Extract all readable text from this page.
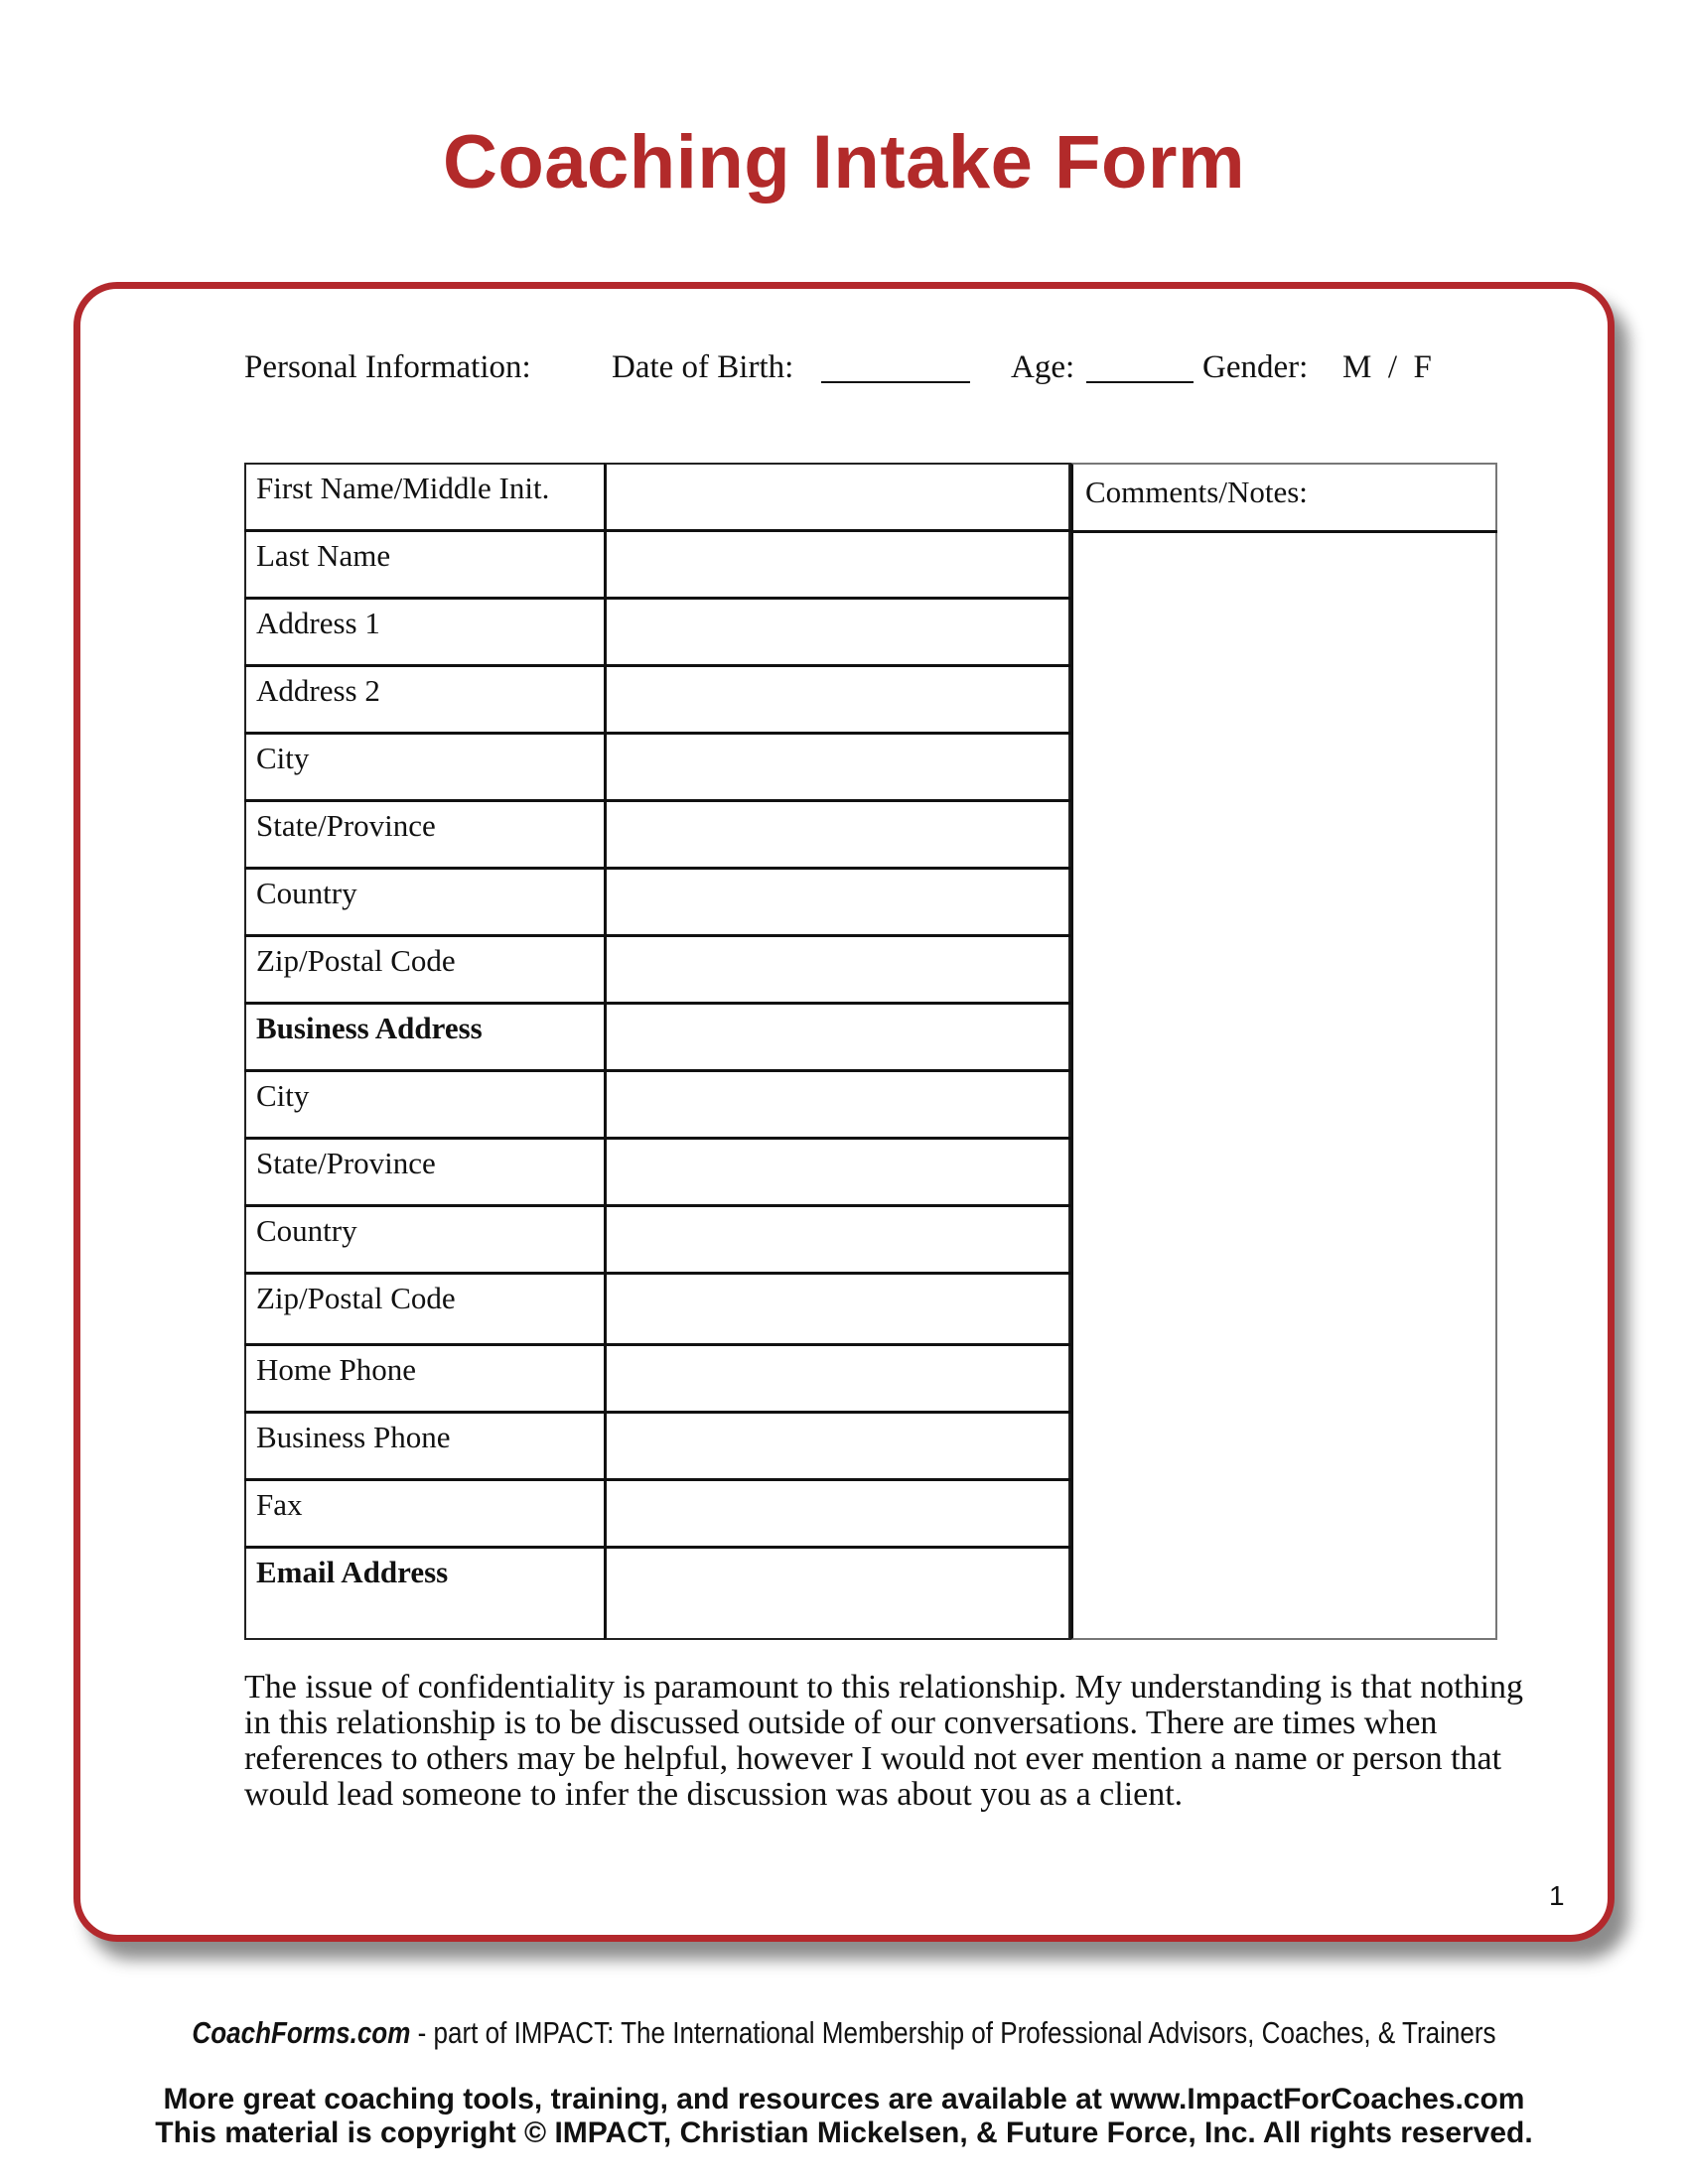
Coaching Intake Form
Personal Information: Date of Birth:	Age:	Gender: M  /  F
Comments/Notes:
First Name/Middle Init.
Last Name
Address 1
Address 2
City
State/Province
Country
Zip/Postal Code
Business Address
City
State/Province
Country
Zip/Postal Code
Home Phone
Business Phone
Fax
Email Address
The issue of confidentiality is paramount to this relationship. My understanding is that nothing in this relationship is to be discussed outside of our conversations. There are times when references to others may be helpful, however I would not ever mention a name or person that would lead someone to infer the discussion was about you as a client.
1
CoachForms.com - part of IMPACT: The International Membership of Professional Advisors, Coaches, & Trainers
More great coaching tools, training, and resources are available at www.ImpactForCoaches.com
This material is copyright © IMPACT, Christian Mickelsen, & Future Force, Inc. All rights reserved.
